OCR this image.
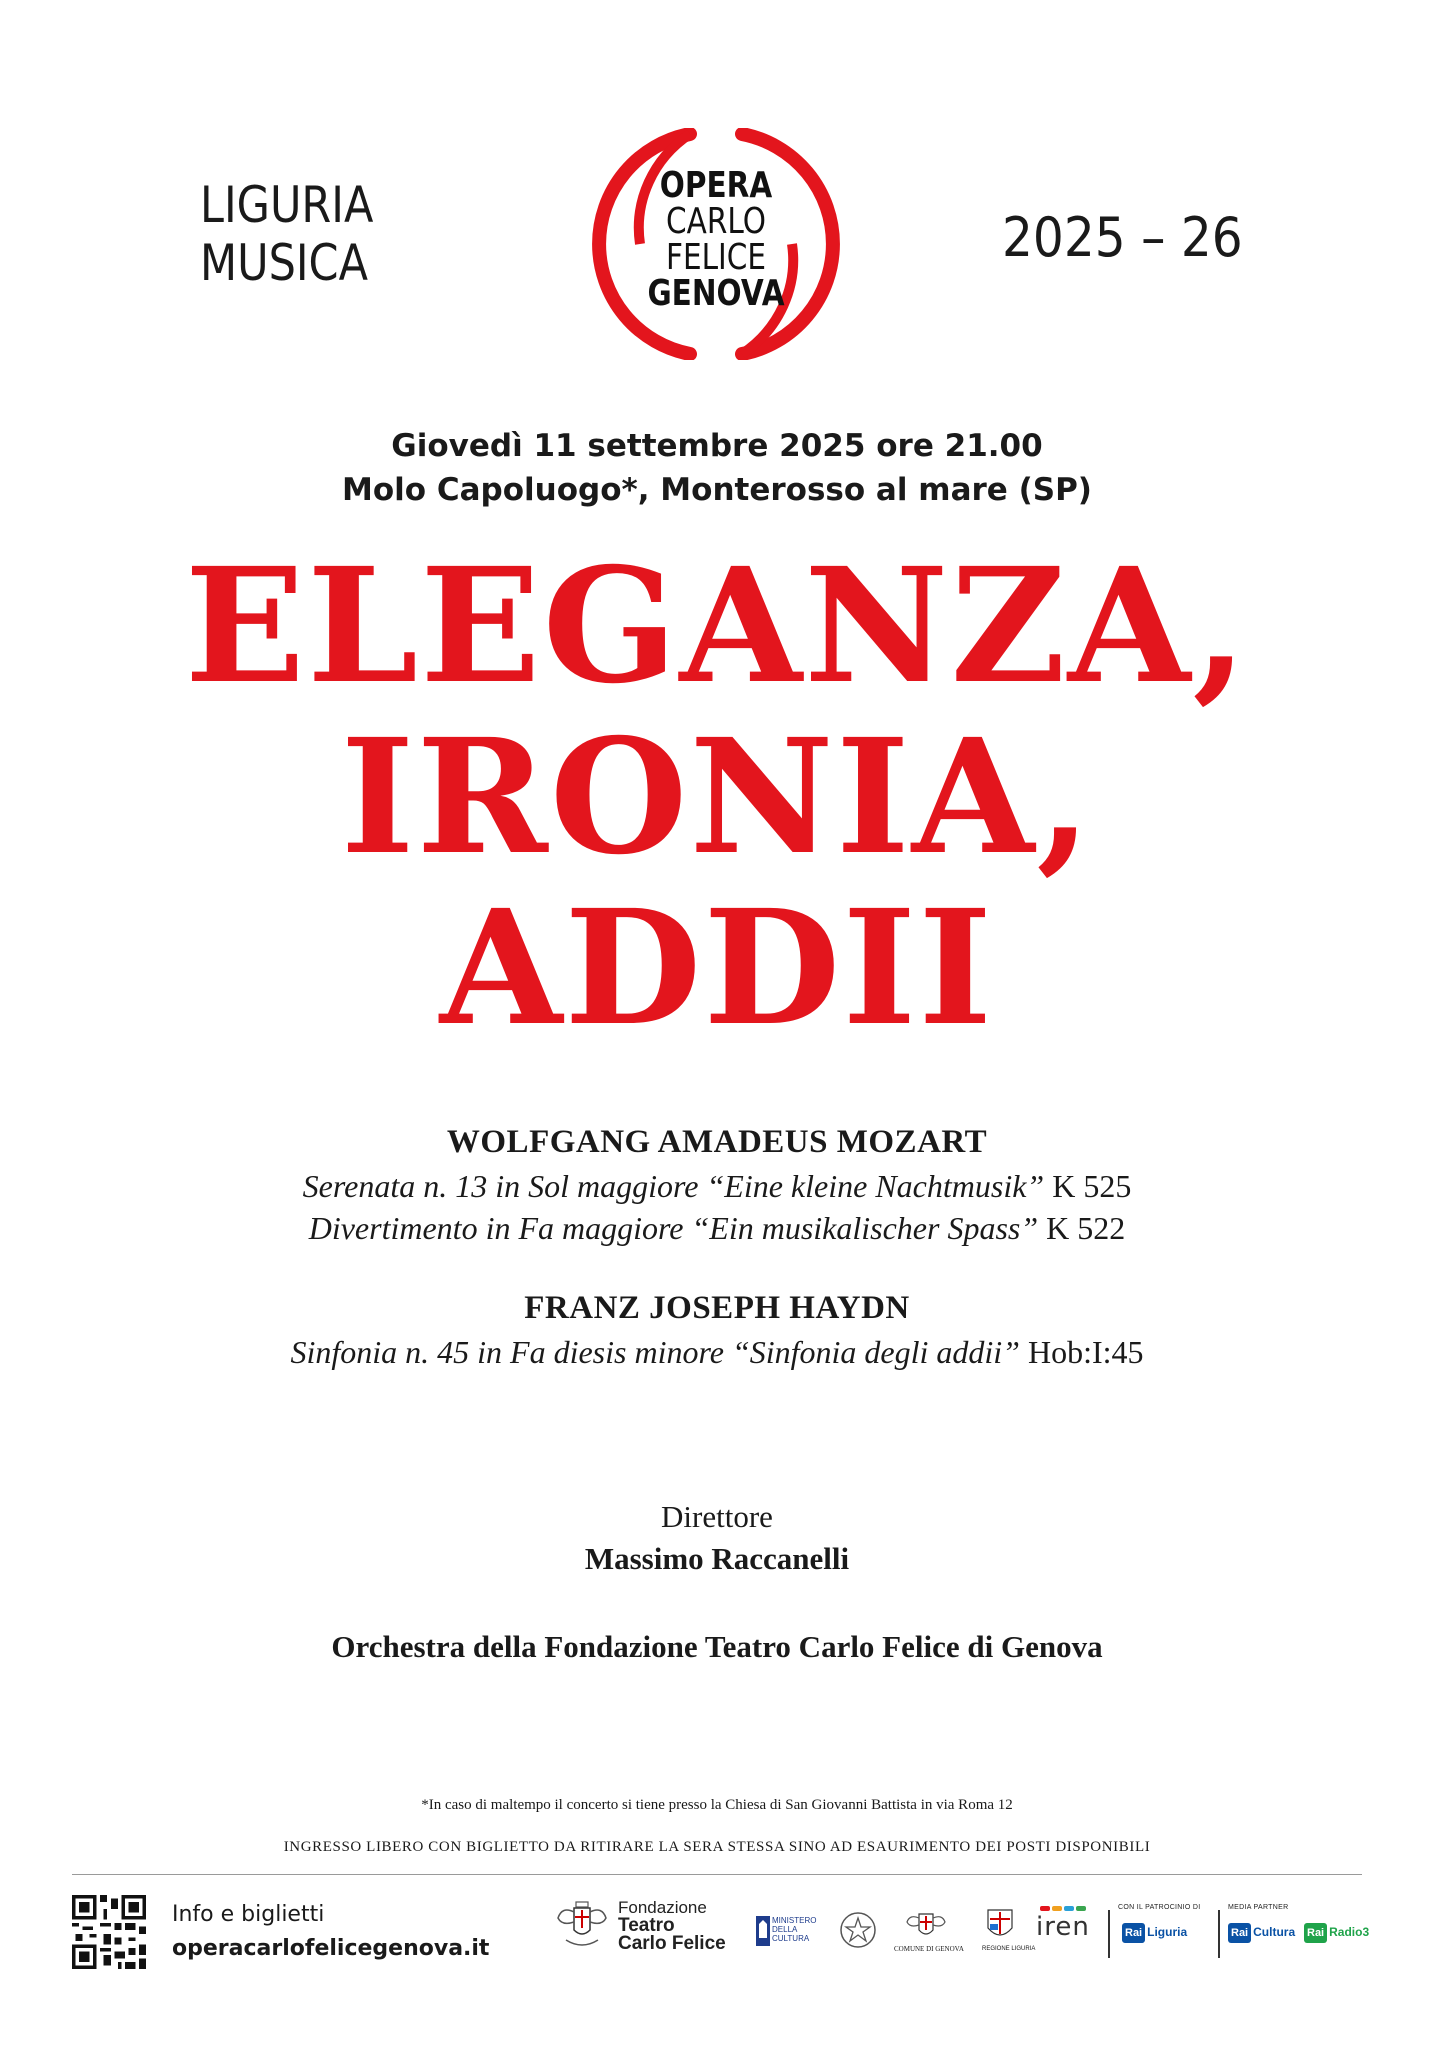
LIGURIA
MUSICA
OPERA
CARLO
FELICE
GENOVA
2025 – 26
Giovedì 11 settembre 2025 ore 21.00
Molo Capoluogo*, Monterosso al mare (SP)
ELEGANZA,
IRONIA,
ADDII
WOLFGANG AMADEUS MOZART
Serenata n. 13 in Sol maggiore “Eine kleine Nachtmusik” K 525
Divertimento in Fa maggiore “Ein musikalischer Spass” K 522
FRANZ JOSEPH HAYDN
Sinfonia n. 45 in Fa diesis minore “Sinfonia degli addii” Hob:I:45
Direttore
Massimo Raccanelli
Orchestra della Fondazione Teatro Carlo Felice di Genova
*In caso di maltempo il concerto si tiene presso la Chiesa di San Giovanni Battista in via Roma 12
INGRESSO LIBERO CON BIGLIETTO DA RITIRARE LA SERA STESSA SINO AD ESAURIMENTO DEI POSTI DISPONIBILI
Info e biglietti
operacarlofelicegenova.it
Fondazione
Teatro
Carlo Felice
MINISTERO
DELLA
CULTURA
COMUNE DI GENOVA	REGIONE LIGURIA
iren
CON IL PATROCINIO DI
Rai Liguria
MEDIA PARTNER
Rai Cultura Rai Radio3
